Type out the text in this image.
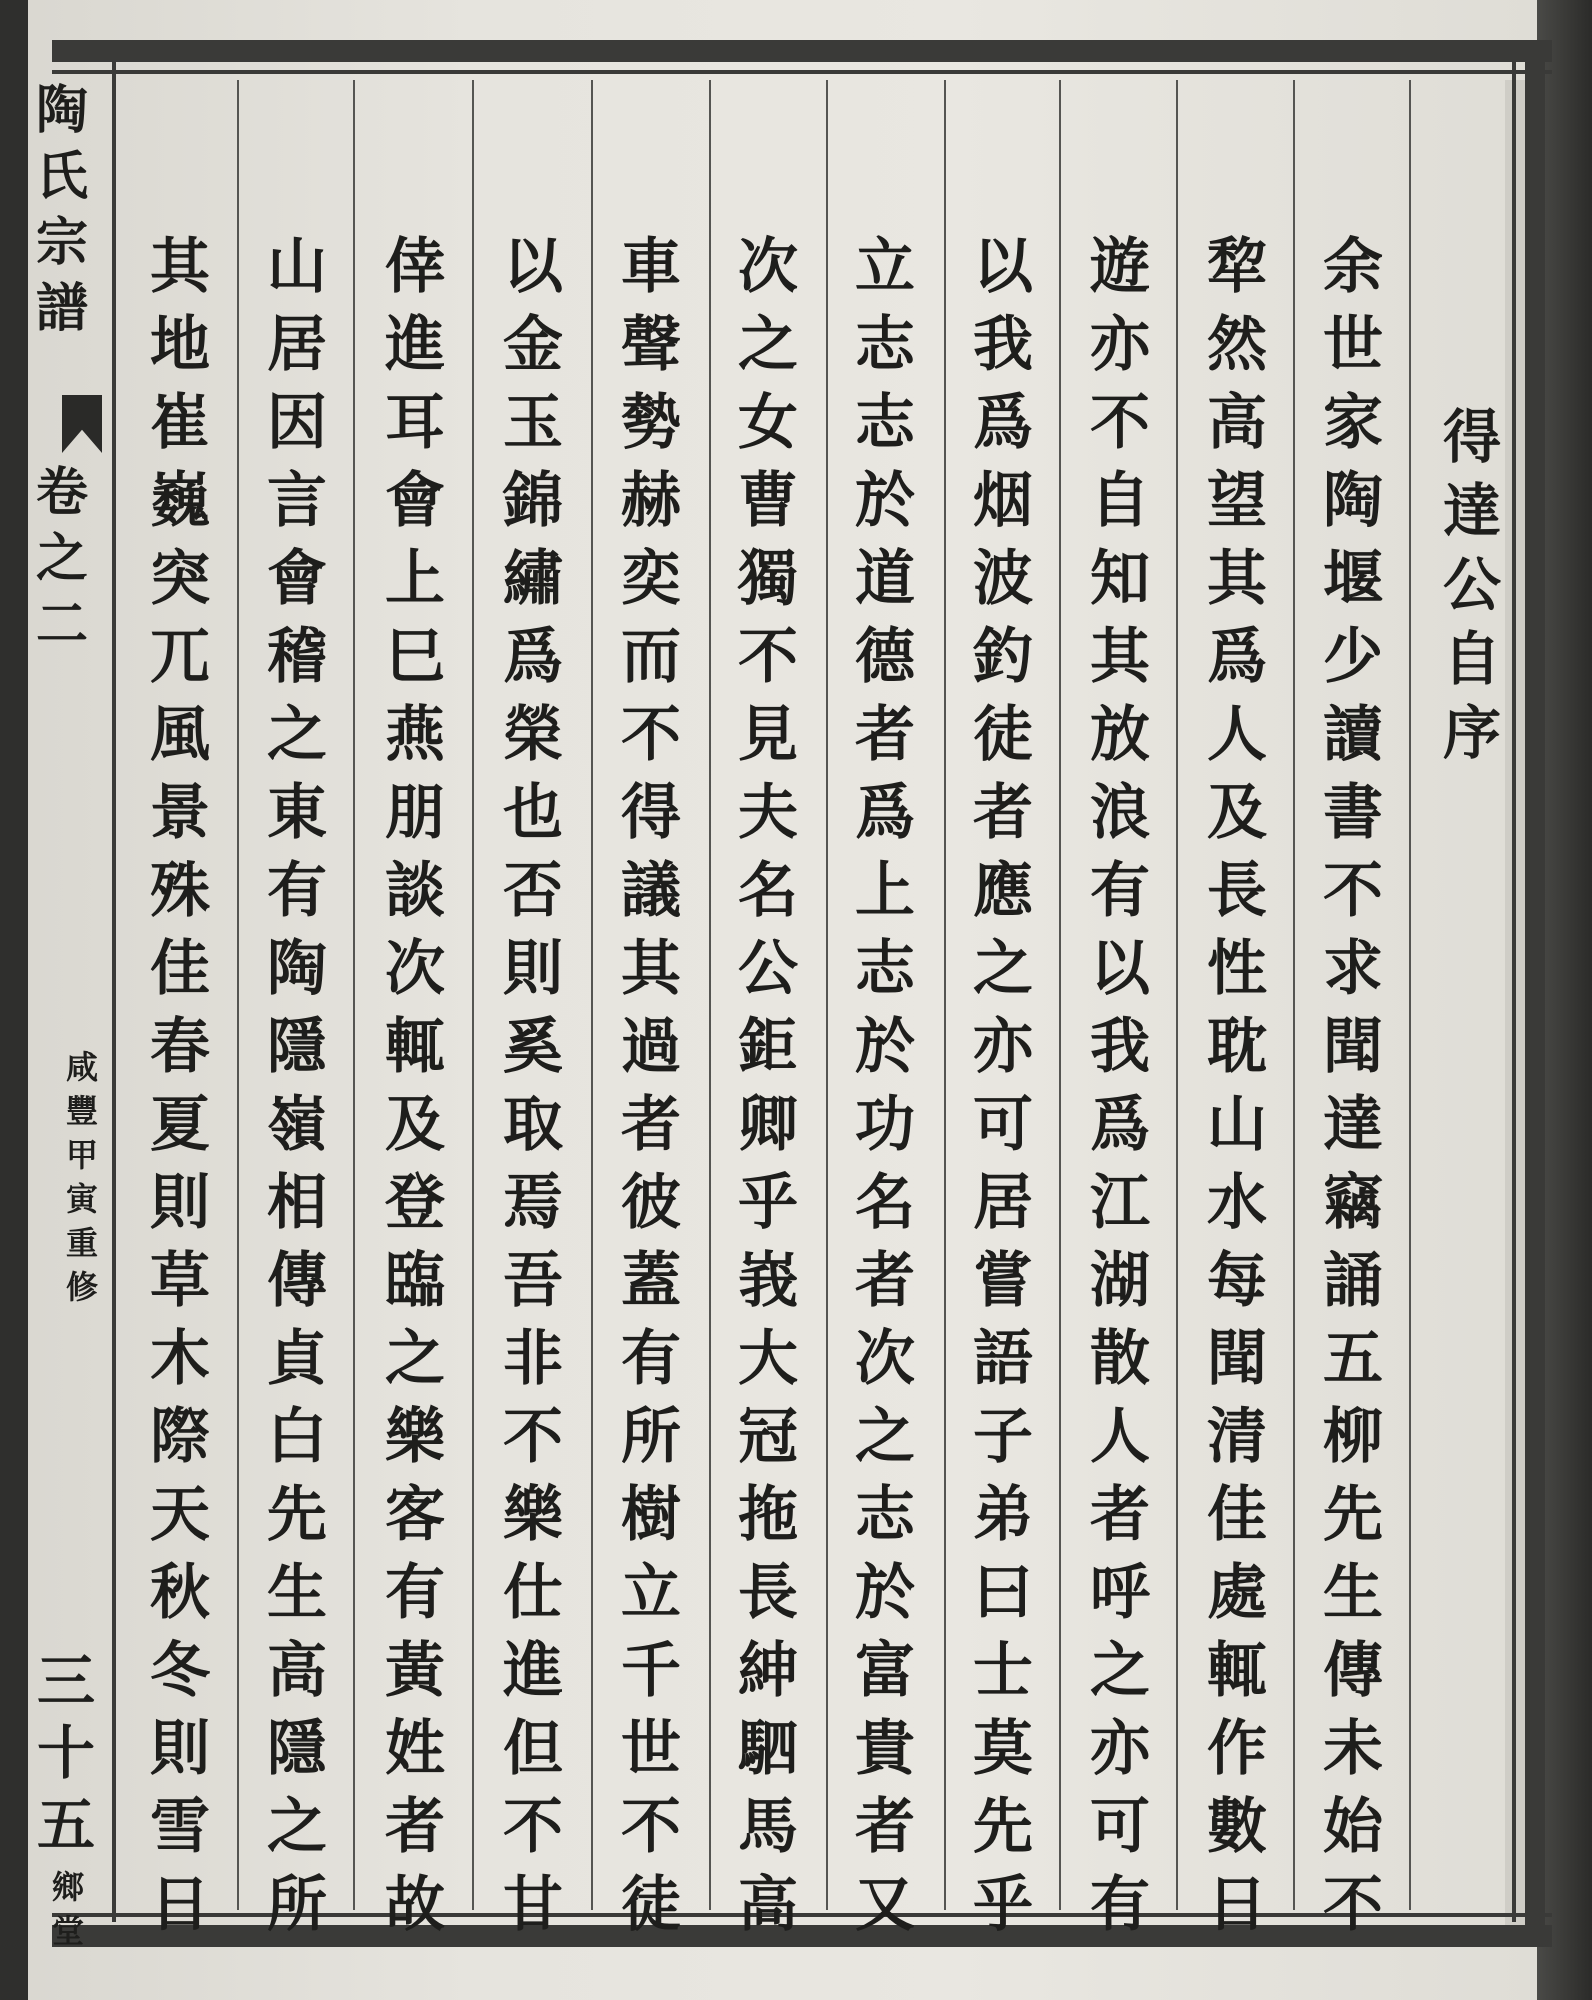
陶
氏
宗
譜
卷
之
二
咸
豐
甲
寅
重
修
三
十
五
鄉
堂
得
達
公
自
序
余
世
家
陶
堰
少
讀
書
不
求
聞
達
竊
誦
五
柳
先
生
傳
未
始
不
犂
然
高
望
其
爲
人
及
長
性
耽
山
水
每
聞
清
佳
處
輒
作
數
日
遊
亦
不
自
知
其
放
浪
有
以
我
爲
江
湖
散
人
者
呼
之
亦
可
有
以
我
爲
烟
波
釣
徒
者
應
之
亦
可
居
嘗
語
子
弟
曰
士
莫
先
乎
立
志
志
於
道
德
者
爲
上
志
於
功
名
者
次
之
志
於
富
貴
者
又
次
之
女
曹
獨
不
見
夫
名
公
鉅
卿
乎
峩
大
冠
拖
長
紳
駟
馬
高
車
聲
勢
赫
奕
而
不
得
議
其
過
者
彼
蓋
有
所
樹
立
千
世
不
徒
以
金
玉
錦
繡
爲
榮
也
否
則
奚
取
焉
吾
非
不
樂
仕
進
但
不
甘
倖
進
耳
會
上
巳
燕
朋
談
次
輒
及
登
臨
之
樂
客
有
黃
姓
者
故
山
居
因
言
會
稽
之
東
有
陶
隱
嶺
相
傳
貞
白
先
生
高
隱
之
所
其
地
崔
巍
突
兀
風
景
殊
佳
春
夏
則
草
木
際
天
秋
冬
則
雪
日
